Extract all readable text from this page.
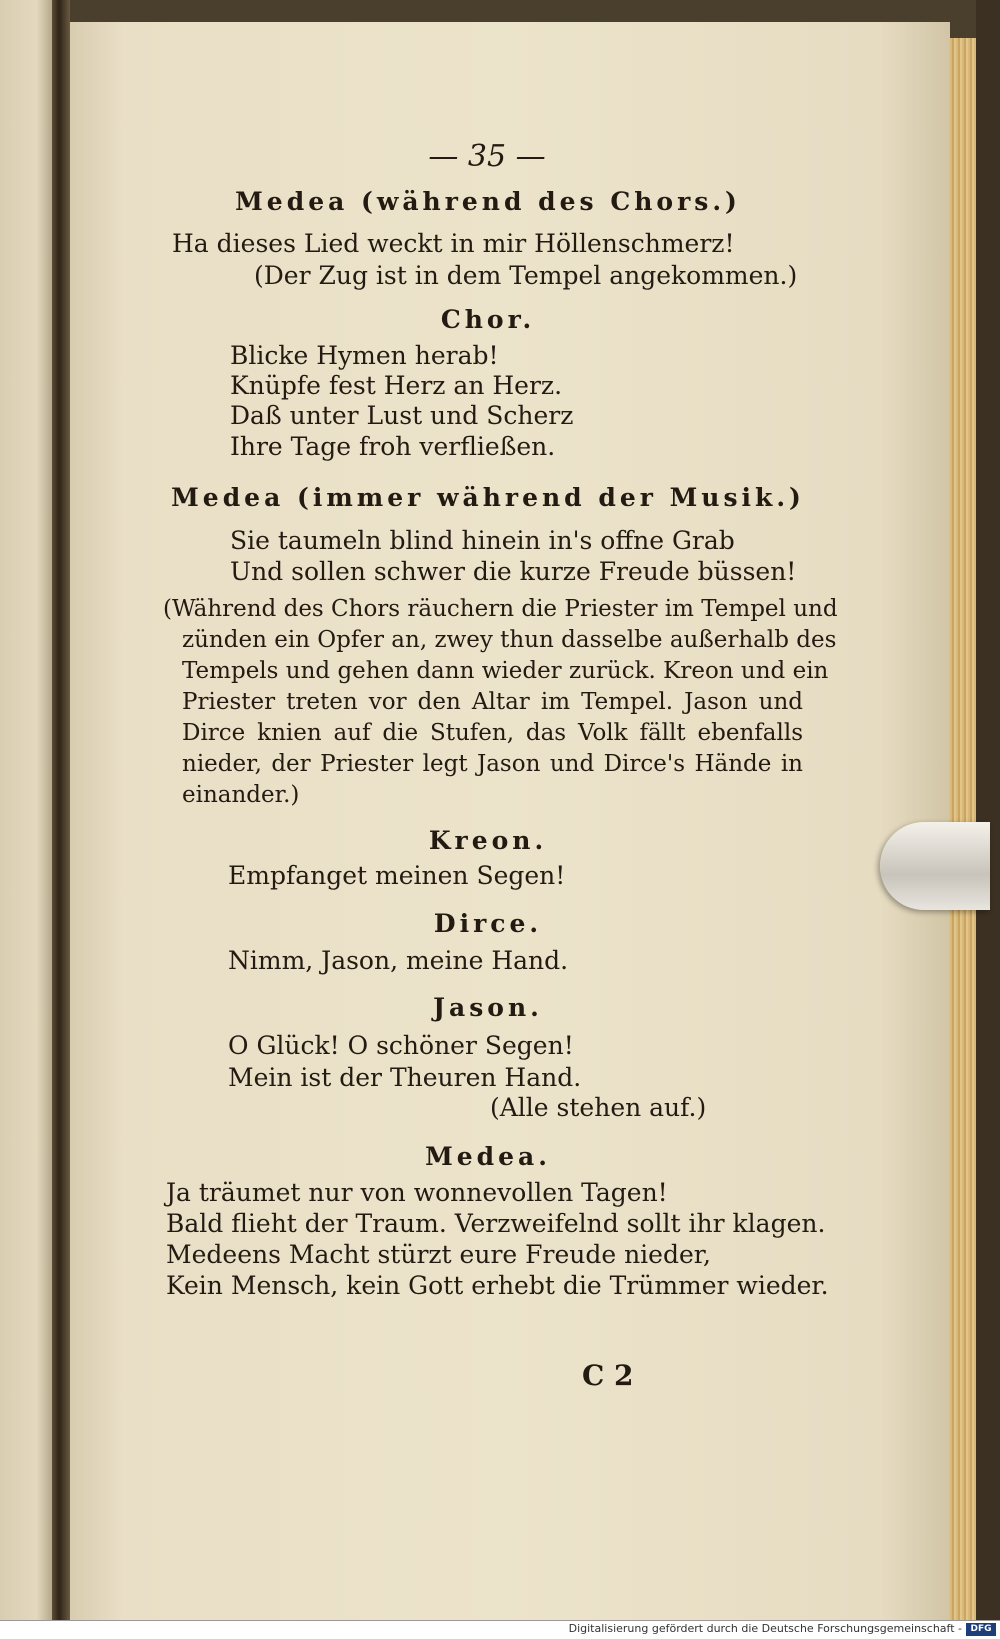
— 35 —
Medea (während des Chors.)
Ha dieses Lied weckt in mir Höllenschmerz!
(Der Zug ist in dem Tempel angekommen.)
Chor.
Blicke Hymen herab!
Knüpfe fest Herz an Herz.
Daß unter Lust und Scherz
Ihre Tage froh verfließen.
Medea (immer während der Musik.)
Sie taumeln blind hinein in's offne Grab
Und sollen schwer die kurze Freude büssen!
(Während des Chors räuchern die Priester im Tempel und
zünden ein Opfer an, zwey thun dasselbe außerhalb des
Tempels und gehen dann wieder zurück. Kreon und ein
Priester treten vor den Altar im Tempel. Jason und
Dirce knien auf die Stufen, das Volk fällt ebenfalls
nieder, der Priester legt Jason und Dirce's Hände in
einander.)
Kreon.
Empfanget meinen Segen!
Dirce.
Nimm, Jason, meine Hand.
Jason.
O Glück! O schöner Segen!
Mein ist der Theuren Hand.
(Alle stehen auf.)
Medea.
Ja träumet nur von wonnevollen Tagen!
Bald flieht der Traum. Verzweifelnd sollt ihr klagen.
Medeens Macht stürzt eure Freude nieder,
Kein Mensch, kein Gott erhebt die Trümmer wieder.
C 2
Digitalisierung gefördert durch die Deutsche Forschungsgemeinschaft - DFG
